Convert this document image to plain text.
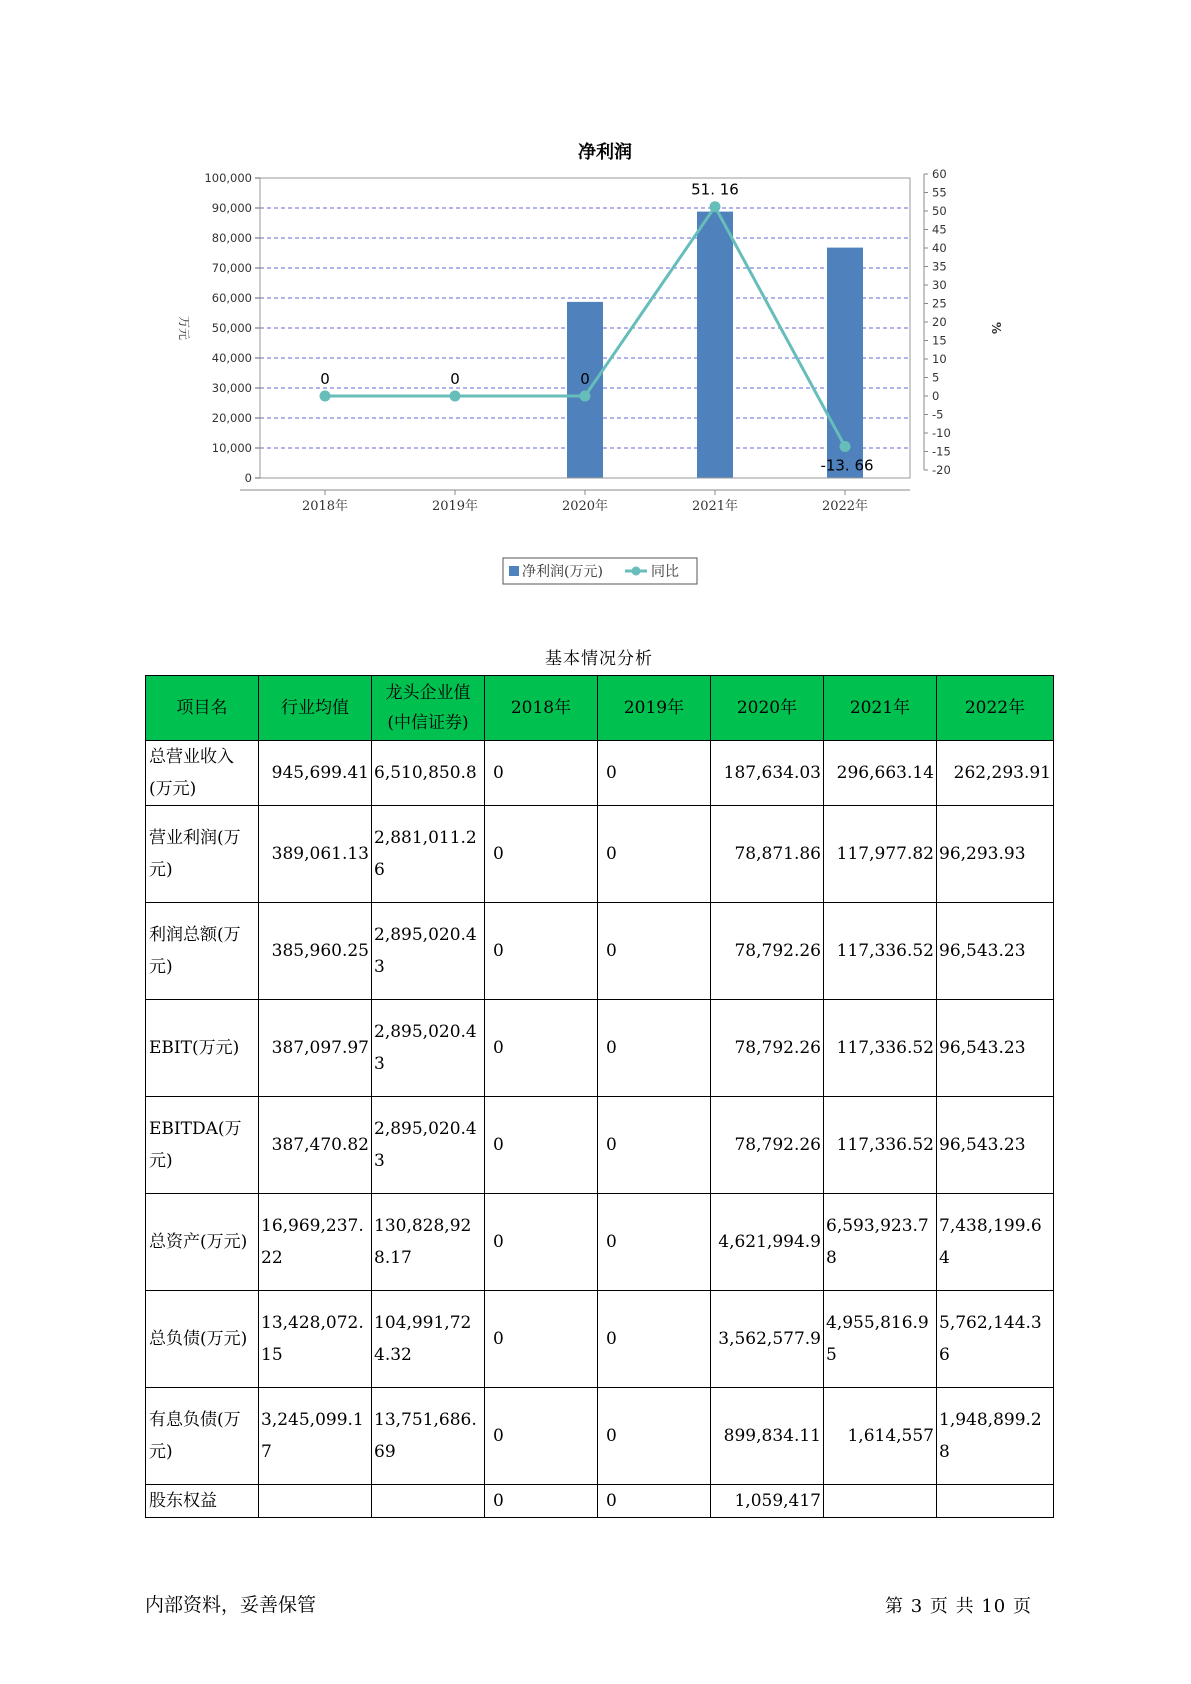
净利润
0
10,000
20,000
30,000
40,000
50,000
60,000
70,000
80,000
90,000
100,000
-20
-15
-10
-5
0
5
10
15
20
25
30
35
40
45
50
55
60
2018年	2019年	2020年	2021年	2022年
0	0	0
51. 16
-13. 66
万元	%
净利润(万元)	同比
基本情况分析
项目名	行业均值	龙头企业值(中信证券)	2018年	2019年	2020年	2021年	2022年
总营业收入(万元)	945,699.41	6,510,850.8	0	0	187,634.03	296,663.14	262,293.91
营业利润(万元)	389,061.13	2,881,011.26	0	0	78,871.86	117,977.82	96,293.93
利润总额(万元)	385,960.25	2,895,020.43	0	0	78,792.26	117,336.52	96,543.23
EBIT(万元)	387,097.97	2,895,020.43	0	0	78,792.26	117,336.52	96,543.23
EBITDA(万元)	387,470.82	2,895,020.43	0	0	78,792.26	117,336.52	96,543.23
总资产(万元)	16,969,237.22	130,828,928.17	0	0	4,621,994.9	6,593,923.78	7,438,199.64
总负债(万元)	13,428,072.15	104,991,724.32	0	0	3,562,577.9	4,955,816.95	5,762,144.36
有息负债(万元)	3,245,099.17	13,751,686.69	0	0	899,834.11	1,614,557	1,948,899.28
股东权益			0	0	1,059,417		
内部资料，妥善保管	第 3 页 共 10 页
